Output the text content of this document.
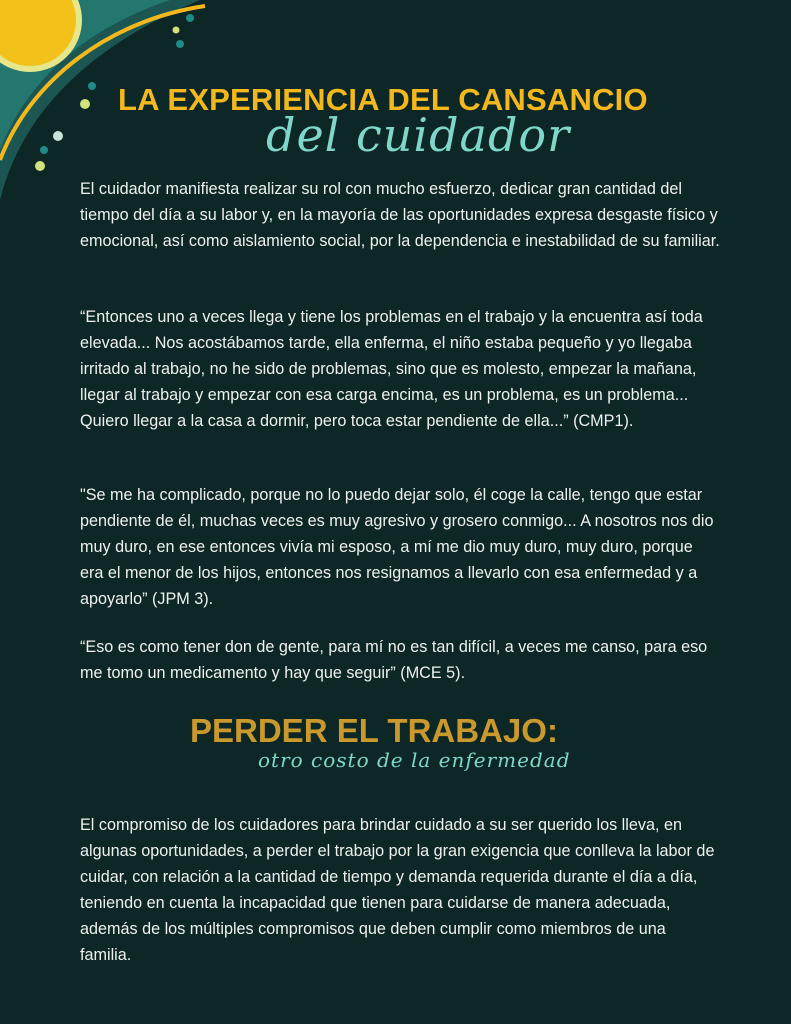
LA EXPERIENCIA DEL CANSANCIO
del cuidador

El cuidador manifiesta realizar su rol con mucho esfuerzo, dedicar gran cantidad del tiempo del día a su labor y, en la mayoría de las oportunidades expresa desgaste físico y emocional, así como aislamiento social, por la dependencia e inestabilidad de su familiar.

“Entonces uno a veces llega y tiene los problemas en el trabajo y la encuentra así toda elevada... Nos acostábamos tarde, ella enferma, el niño estaba pequeño y yo llegaba irritado al trabajo, no he sido de problemas, sino que es molesto, empezar la mañana, llegar al trabajo y empezar con esa carga encima, es un problema, es un problema... Quiero llegar a la casa a dormir, pero toca estar pendiente de ella...” (CMP1).

"Se me ha complicado, porque no lo puedo dejar solo, él coge la calle, tengo que estar pendiente de él, muchas veces es muy agresivo y grosero conmigo... A nosotros nos dio muy duro, en ese entonces vivía mi esposo, a mí me dio muy duro, muy duro, porque era el menor de los hijos, entonces nos resignamos a llevarlo con esa enfermedad y a apoyarlo” (JPM 3).

“Eso es como tener don de gente, para mí no es tan difícil, a veces me canso, para eso me tomo un medicamento y hay que seguir” (MCE 5).

PERDER EL TRABAJO:
otro costo de la enfermedad

El compromiso de los cuidadores para brindar cuidado a su ser querido los lleva, en algunas oportunidades, a perder el trabajo por la gran exigencia que conlleva la labor de cuidar, con relación a la cantidad de tiempo y demanda requerida durante el día a día, teniendo en cuenta la incapacidad que tienen para cuidarse de manera adecuada, además de los múltiples compromisos que deben cumplir como miembros de una familia.
